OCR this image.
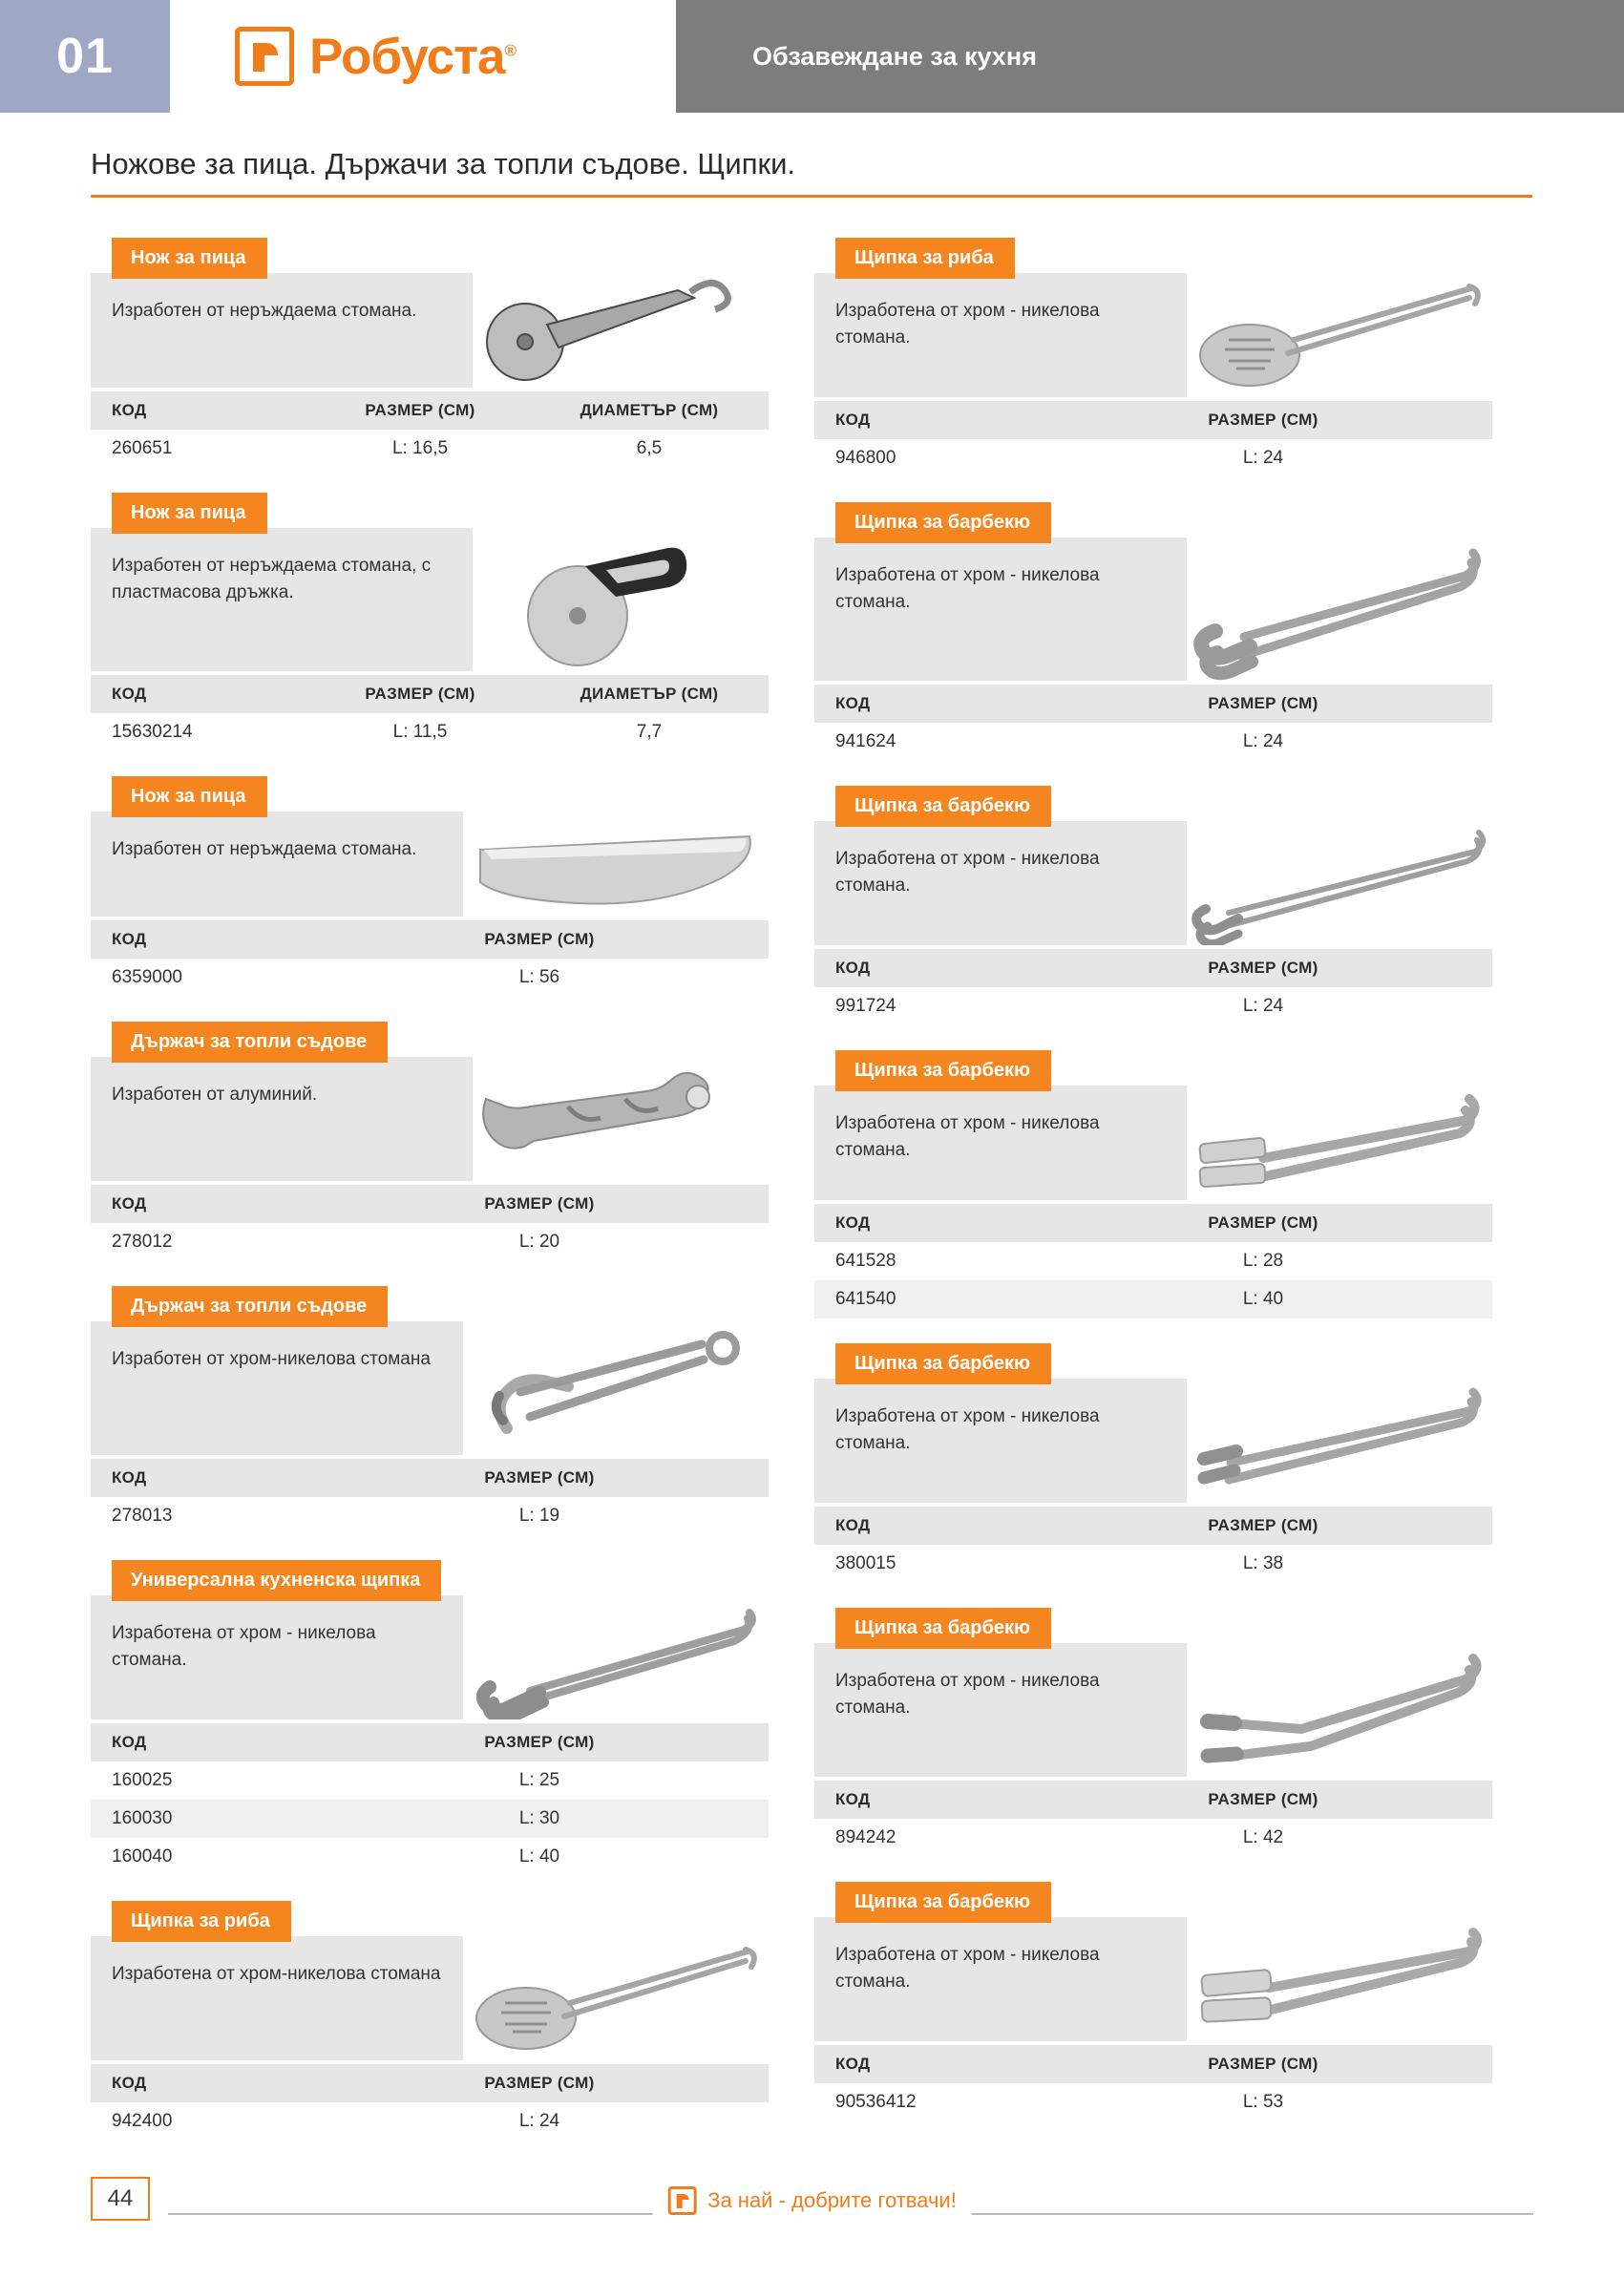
01	Робуста®	Обзавеждане за кухня
Ножове за пица. Държачи за топли съдове. Щипки.
Нож за пица
Изработен от неръждаема стомана.
КОД	РАЗМЕР (СМ)	ДИАМЕТЪР (СМ)
260651	L: 16,5	6,5
Нож за пица
Изработен от неръждаема стомана, с пластмасова дръжка.
КОД	РАЗМЕР (СМ)	ДИАМЕТЪР (СМ)
15630214	L: 11,5	7,7
Нож за пица
Изработен от неръждаема стомана.
КОД	РАЗМЕР (СМ)
6359000	L: 56
Държач за топли съдове
Изработен от алуминий.
КОД	РАЗМЕР (СМ)
278012	L: 20
Държач за топли съдове
Изработен от хром-никелова стомана
КОД	РАЗМЕР (СМ)
278013	L: 19
Универсална кухненска щипка
Изработена от хром - никелова стомана.
КОД	РАЗМЕР (СМ)
160025	L: 25
160030	L: 30
160040	L: 40
Щипка за риба
Изработена от хром-никелова стомана
КОД	РАЗМЕР (СМ)
942400	L: 24
Щипка за риба
Изработена от хром - никелова стомана.
КОД	РАЗМЕР (СМ)
946800	L: 24
Щипка за барбекю
Изработена от хром - никелова стомана.
КОД	РАЗМЕР (СМ)
941624	L: 24
Щипка за барбекю
Изработена от хром - никелова стомана.
КОД	РАЗМЕР (СМ)
991724	L: 24
Щипка за барбекю
Изработена от хром - никелова стомана.
КОД	РАЗМЕР (СМ)
641528	L: 28
641540	L: 40
Щипка за барбекю
Изработена от хром - никелова стомана.
КОД	РАЗМЕР (СМ)
380015	L: 38
Щипка за барбекю
Изработена от хром - никелова стомана.
КОД	РАЗМЕР (СМ)
894242	L: 42
Щипка за барбекю
Изработена от хром - никелова стомана.
КОД	РАЗМЕР (СМ)
90536412	L: 53
44	За най - добрите готвачи!
